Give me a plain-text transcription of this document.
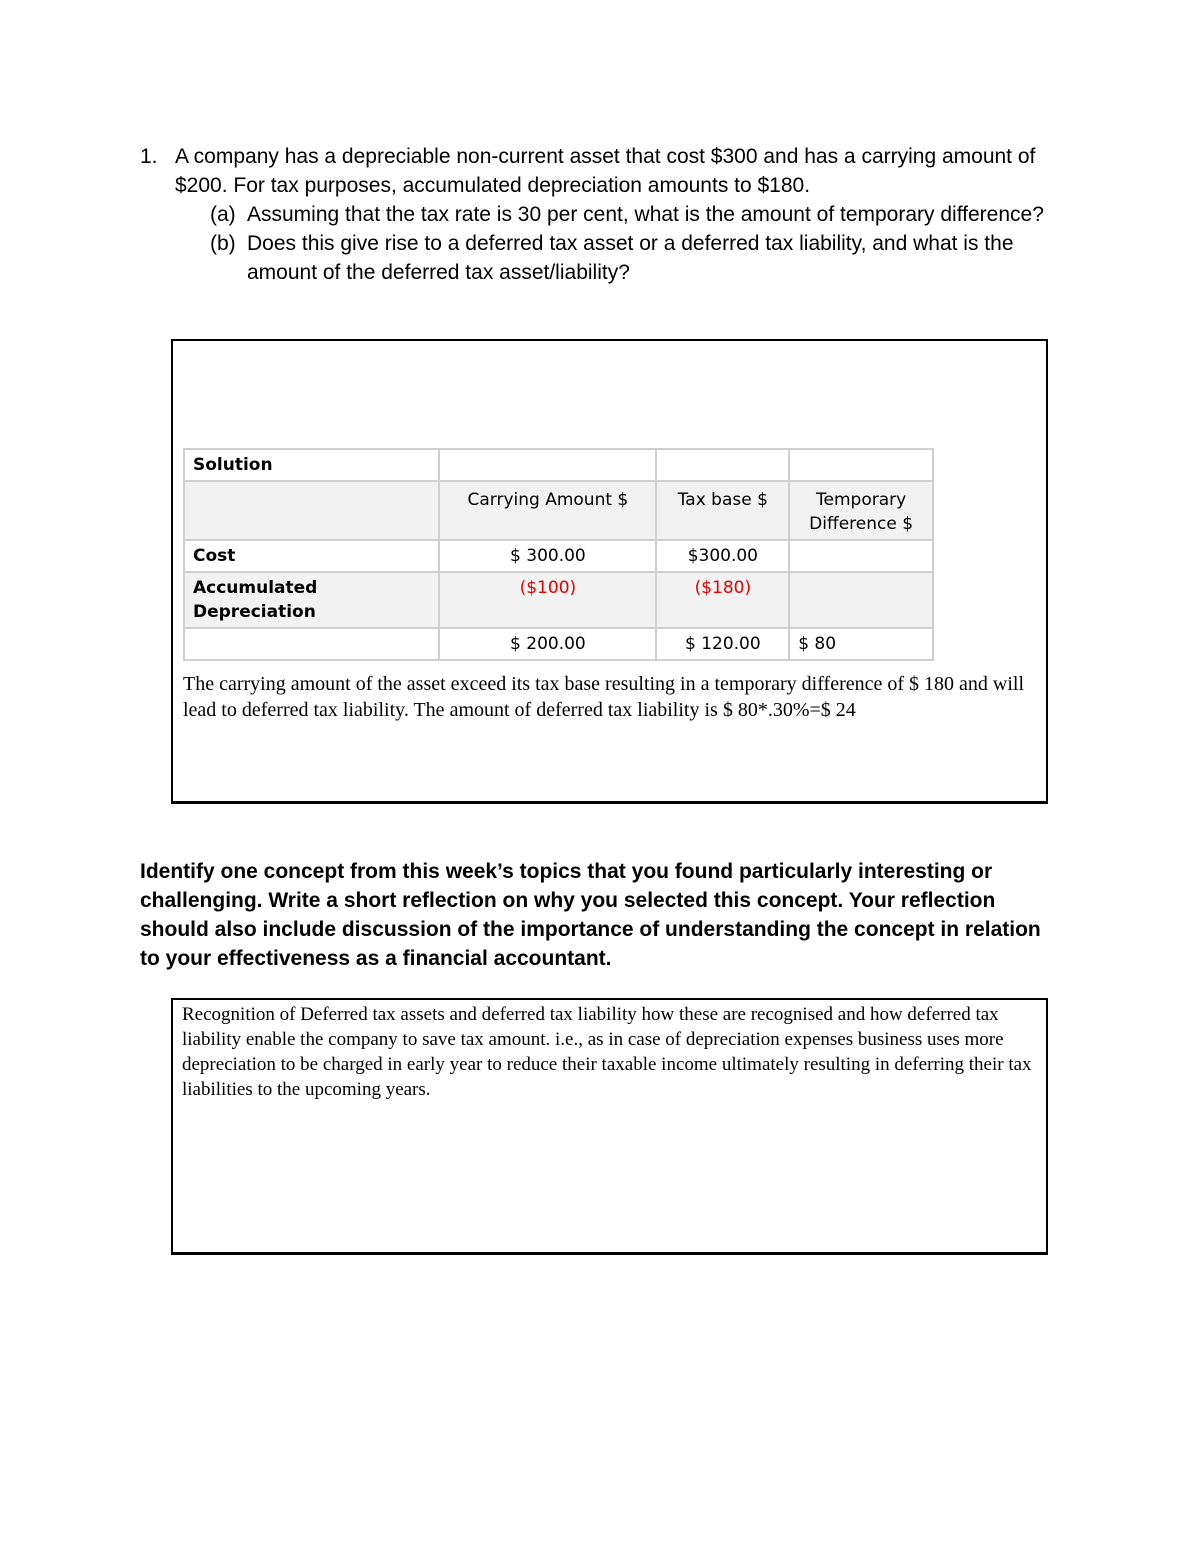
1. A company has a depreciable non-current asset that cost $300 and has a carrying amount of $200. For tax purposes, accumulated depreciation amounts to $180.
(a) Assuming that the tax rate is 30 per cent, what is the amount of temporary difference?
(b) Does this give rise to a deferred tax asset or a deferred tax liability, and what is the amount of the deferred tax asset/liability?
Solution			
	Carrying Amount $	Tax base $	Temporary Difference $
Cost	$ 300.00	$300.00	
Accumulated Depreciation	($100)	($180)	
	$ 200.00	$ 120.00	$ 80
The carrying amount of the asset exceed its tax base resulting in a temporary difference of $ 180 and will lead to deferred tax liability. The amount of deferred tax liability is $ 80*.30%=$ 24
Identify one concept from this week’s topics that you found particularly interesting or challenging. Write a short reflection on why you selected this concept. Your reflection should also include discussion of the importance of understanding the concept in relation to your effectiveness as a financial accountant.
Recognition of Deferred tax assets and deferred tax liability how these are recognised and how deferred tax liability enable the company to save tax amount. i.e., as in case of depreciation expenses business uses more depreciation to be charged in early year to reduce their taxable income ultimately resulting in deferring their tax liabilities to the upcoming years.
